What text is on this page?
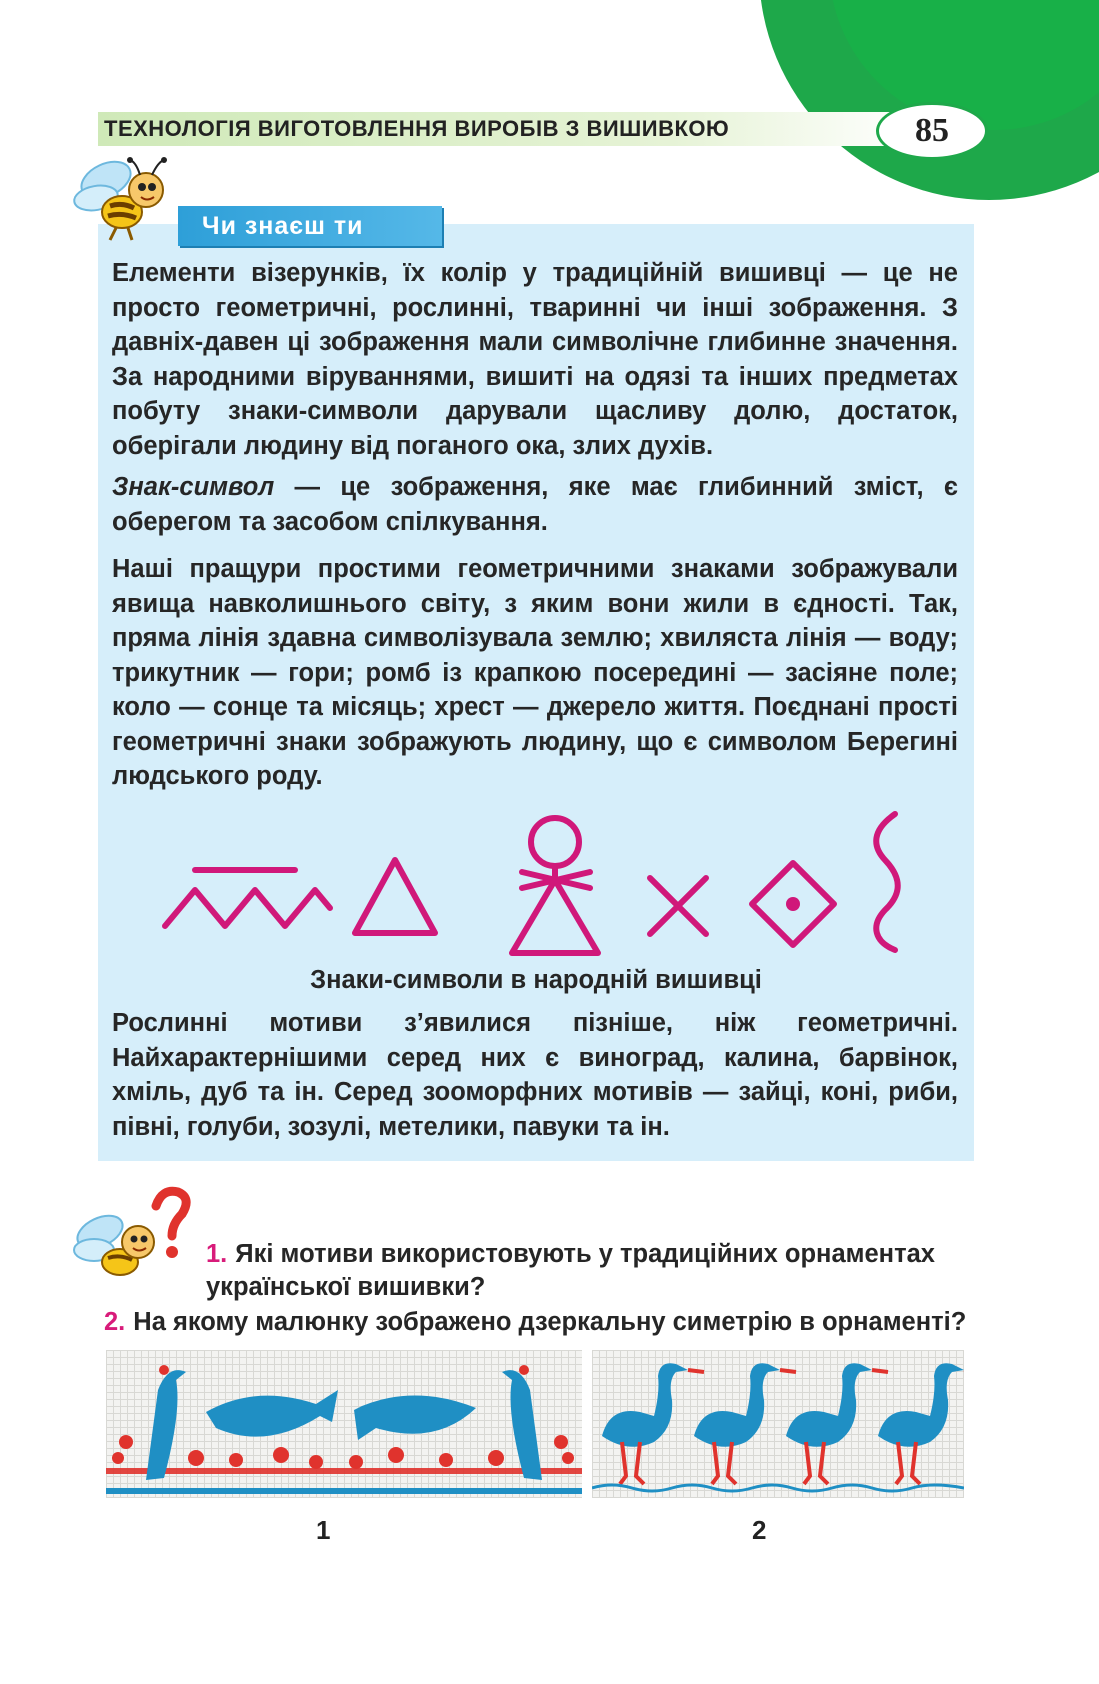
ТЕХНОЛОГІЯ ВИГОТОВЛЕННЯ ВИРОБІВ З ВИШИВКОЮ	85
Чи знаєш ти

Елементи візерунків, їх колір у традиційній вишивці — це не просто геометричні, рослинні, тваринні чи інші зображення. З давніх-давен ці зображення мали символічне глибинне значення. За народними віруваннями, вишиті на одязі та інших предметах побуту знаки-символи дарували щасливу долю, достаток, оберігали людину від поганого ока, злих духів.

Знак-символ — це зображення, яке має глибинний зміст, є оберегом та засобом спілкування.

Наші пращури простими геометричними знаками зображували явища навколишнього світу, з яким вони жили в єдності. Так, пряма лінія здавна символізувала землю; хвиляста лінія — воду; трикутник — гори; ромб із крапкою посередині — засіяне поле; коло — сонце та місяць; хрест — джерело життя. Поєднані прості геометричні знаки зображують людину, що є символом Берегині людського роду.

Знаки-символи в народній вишивці

Рослинні мотиви з’явилися пізніше, ніж геометричні. Найхарактернішими серед них є виноград, калина, барвінок, хміль, дуб та ін. Серед зооморфних мотивів — зайці, коні, риби, півні, голуби, зозулі, метелики, павуки та ін.

1. Які мотиви використовують у традиційних орнаментах української вишивки?

2. На якому малюнку зображено дзеркальну симетрію в орнаменті?

1	2
